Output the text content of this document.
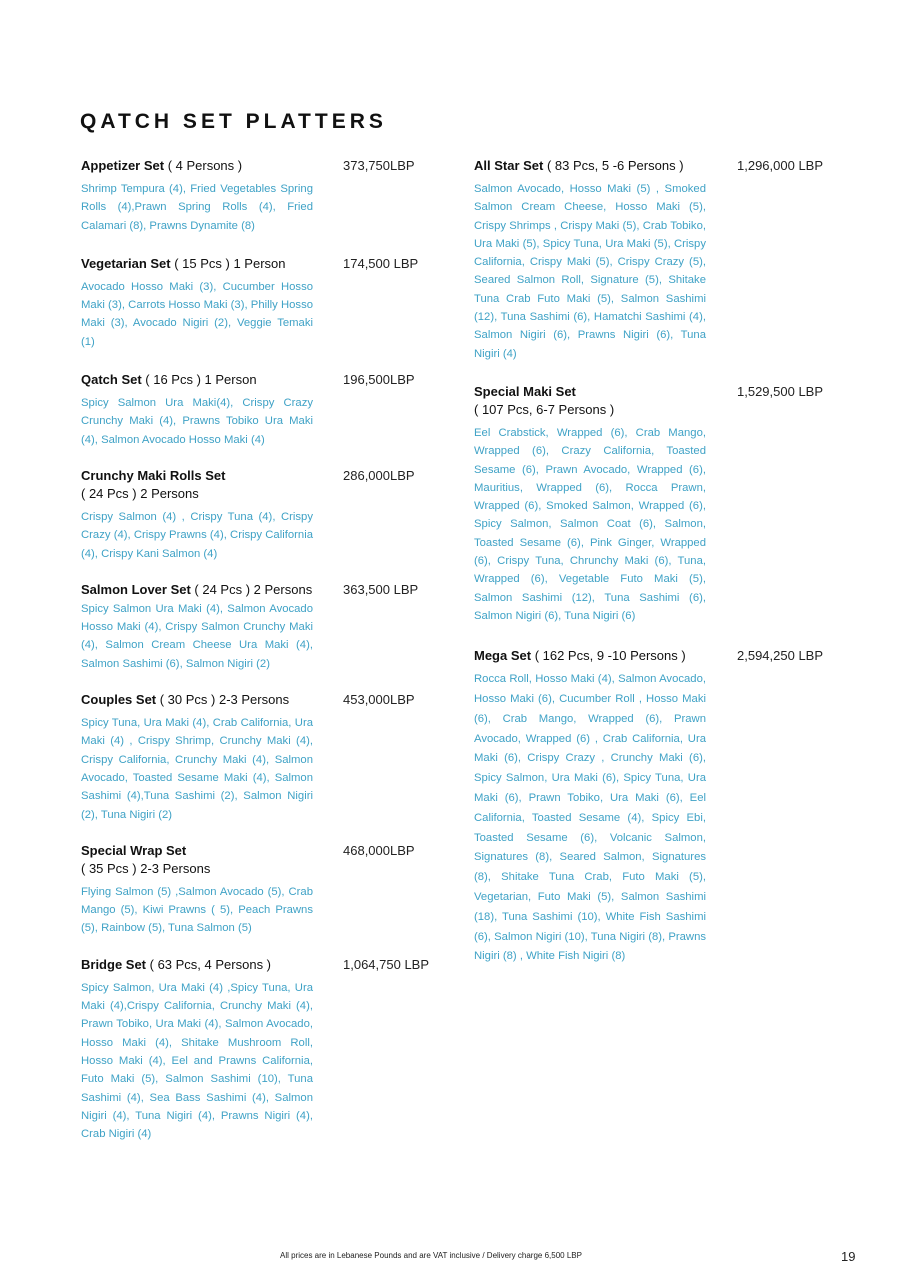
QATCH SET PLATTERS
Appetizer Set ( 4 Persons )	373,750LBP

Shrimp Tempura (4), Fried Vegetables Spring Rolls (4),Prawn Spring Rolls (4), Fried Calamari (8), Prawns Dynamite (8)

Vegetarian Set ( 15 Pcs ) 1 Person	174,500 LBP

Avocado Hosso Maki (3), Cucumber Hosso Maki (3), Carrots Hosso Maki (3), Philly Hosso Maki (3), Avocado Nigiri (2), Veggie Temaki (1)

Qatch Set ( 16 Pcs ) 1 Person	196,500LBP

Spicy Salmon Ura Maki(4), Crispy Crazy Crunchy Maki (4), Prawns Tobiko Ura Maki (4), Salmon Avocado Hosso Maki (4)

Crunchy Maki Rolls Set
( 24 Pcs ) 2 Persons
286,000LBP

Crispy Salmon (4) , Crispy Tuna (4), Crispy Crazy (4), Crispy Prawns (4), Crispy California (4), Crispy Kani Salmon (4)

Salmon Lover Set ( 24 Pcs ) 2 Persons 363,500 LBP

Spicy Salmon Ura Maki (4), Salmon Avocado Hosso Maki (4), Crispy Salmon Crunchy Maki (4), Salmon Cream Cheese Ura Maki (4), Salmon Sashimi (6), Salmon Nigiri (2)

Couples Set ( 30 Pcs ) 2-3 Persons	453,000LBP

Spicy Tuna, Ura Maki (4), Crab California, Ura Maki (4) , Crispy Shrimp, Crunchy Maki (4), Crispy California, Crunchy Maki (4), Salmon Avocado, Toasted Sesame Maki (4), Salmon Sashimi (4),Tuna Sashimi (2), Salmon Nigiri (2), Tuna Nigiri (2)

Special Wrap Set
( 35 Pcs ) 2-3 Persons
468,000LBP

Flying Salmon (5) ,Salmon Avocado (5), Crab Mango (5), Kiwi Prawns ( 5), Peach Prawns (5), Rainbow (5), Tuna Salmon (5)

Bridge Set ( 63 Pcs, 4 Persons )	1,064,750 LBP

Spicy Salmon, Ura Maki (4) ,Spicy Tuna, Ura Maki (4),Crispy California, Crunchy Maki (4), Prawn Tobiko, Ura Maki (4), Salmon Avocado, Hosso Maki (4), Shitake Mushroom Roll, Hosso Maki (4), Eel and Prawns California, Futo Maki (5), Salmon Sashimi (10), Tuna Sashimi (4), Sea Bass Sashimi (4), Salmon Nigiri (4), Tuna Nigiri (4), Prawns Nigiri (4), Crab Nigiri (4)

All Star Set ( 83 Pcs, 5 -6 Persons )	1,296,000 LBP

Salmon Avocado, Hosso Maki (5) , Smoked Salmon Cream Cheese, Hosso Maki (5), Crispy Shrimps , Crispy Maki (5), Crab Tobiko, Ura Maki (5), Spicy Tuna, Ura Maki (5), Crispy California, Crispy Maki (5), Crispy Crazy (5), Seared Salmon Roll, Signature (5), Shitake Tuna Crab Futo Maki (5), Salmon Sashimi (12), Tuna Sashimi (6), Hamatchi Sashimi (4), Salmon Nigiri (6), Prawns Nigiri (6), Tuna Nigiri (4)

Special Maki Set
( 107 Pcs, 6-7 Persons )
1,529,500 LBP

Eel Crabstick, Wrapped (6), Crab Mango, Wrapped (6), Crazy California, Toasted Sesame (6), Prawn Avocado, Wrapped (6), Mauritius, Wrapped (6), Rocca Prawn, Wrapped (6), Smoked Salmon, Wrapped (6), Spicy Salmon, Salmon Coat (6), Salmon, Toasted Sesame (6), Pink Ginger, Wrapped (6), Crispy Tuna, Chrunchy Maki (6), Tuna, Wrapped (6), Vegetable Futo Maki (5), Salmon Sashimi (12), Tuna Sashimi (6), Salmon Nigiri (6), Tuna Nigiri (6)

Mega Set ( 162 Pcs, 9 -10 Persons )	2,594,250 LBP

Rocca Roll, Hosso Maki (4), Salmon Avocado, Hosso Maki (6), Cucumber Roll , Hosso Maki (6), Crab Mango, Wrapped (6), Prawn Avocado, Wrapped (6) , Crab California, Ura Maki (6), Crispy Crazy , Crunchy Maki (6), Spicy Salmon, Ura Maki (6), Spicy Tuna, Ura Maki (6), Prawn Tobiko, Ura Maki (6), Eel California, Toasted Sesame (4), Spicy Ebi, Toasted Sesame (6), Volcanic Salmon, Signatures (8), Seared Salmon, Signatures (8), Shitake Tuna Crab, Futo Maki (5), Vegetarian, Futo Maki (5), Salmon Sashimi (18), Tuna Sashimi (10), White Fish Sashimi (6), Salmon Nigiri (10), Tuna Nigiri (8), Prawns Nigiri (8) , White Fish Nigiri (8)

All prices are in Lebanese Pounds and are VAT inclusive / Delivery charge 6,500 LBP	19
